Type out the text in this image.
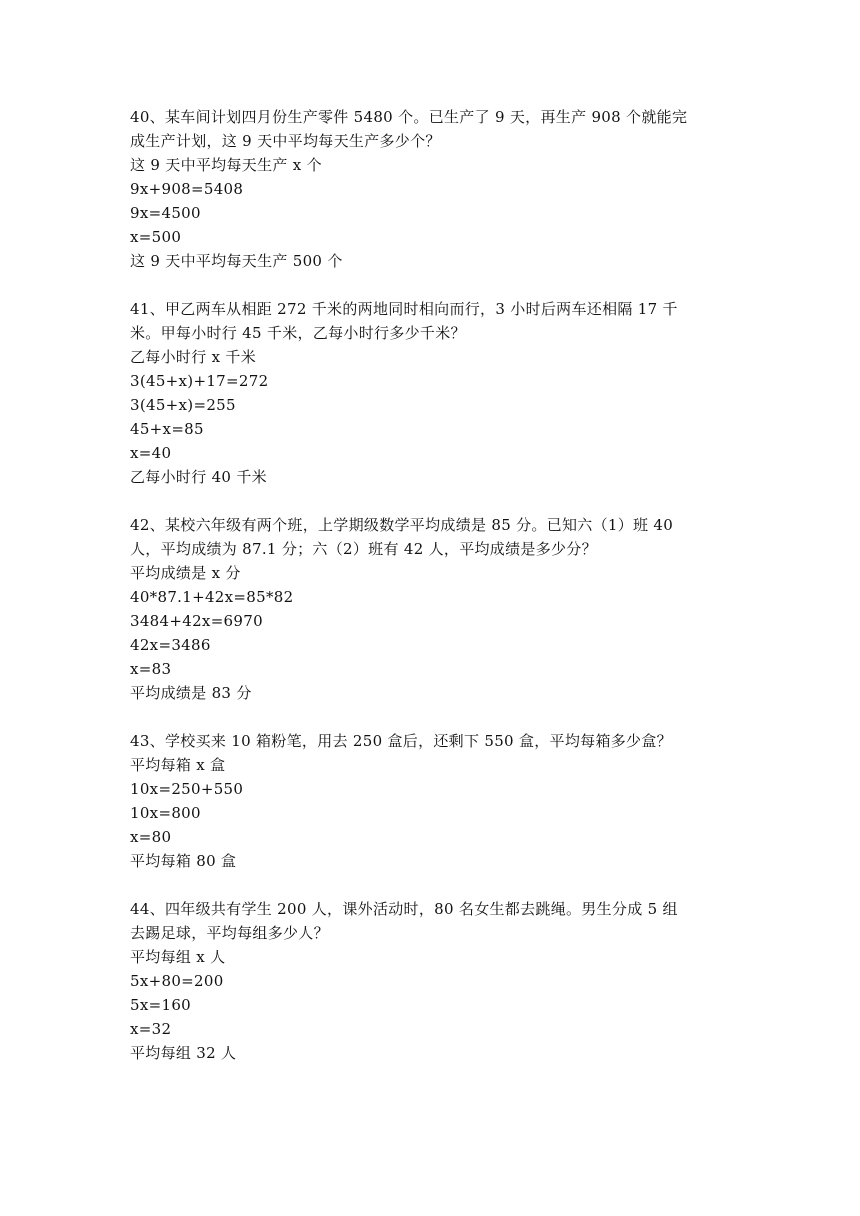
40、某车间计划四月份生产零件 5480 个。已生产了 9 天，再生产 908 个就能完
成生产计划，这 9 天中平均每天生产多少个？
这 9 天中平均每天生产 x 个
9x+908=5408
9x=4500
x=500
这 9 天中平均每天生产 500 个
41、甲乙两车从相距 272 千米的两地同时相向而行，3 小时后两车还相隔 17 千
米。甲每小时行 45 千米，乙每小时行多少千米？
乙每小时行 x 千米
3(45+x)+17=272
3(45+x)=255
45+x=85
x=40
乙每小时行 40 千米
42、某校六年级有两个班，上学期级数学平均成绩是 85 分。已知六（1）班 40
人，平均成绩为 87.1 分；六（2）班有 42 人，平均成绩是多少分？
平均成绩是 x 分
40*87.1+42x=85*82
3484+42x=6970
42x=3486
x=83
平均成绩是 83 分
43、学校买来 10 箱粉笔，用去 250 盒后，还剩下 550 盒，平均每箱多少盒？
平均每箱 x 盒
10x=250+550
10x=800
x=80
平均每箱 80 盒
44、四年级共有学生 200 人，课外活动时，80 名女生都去跳绳。男生分成 5 组
去踢足球，平均每组多少人？
平均每组 x 人
5x+80=200
5x=160
x=32
平均每组 32 人
